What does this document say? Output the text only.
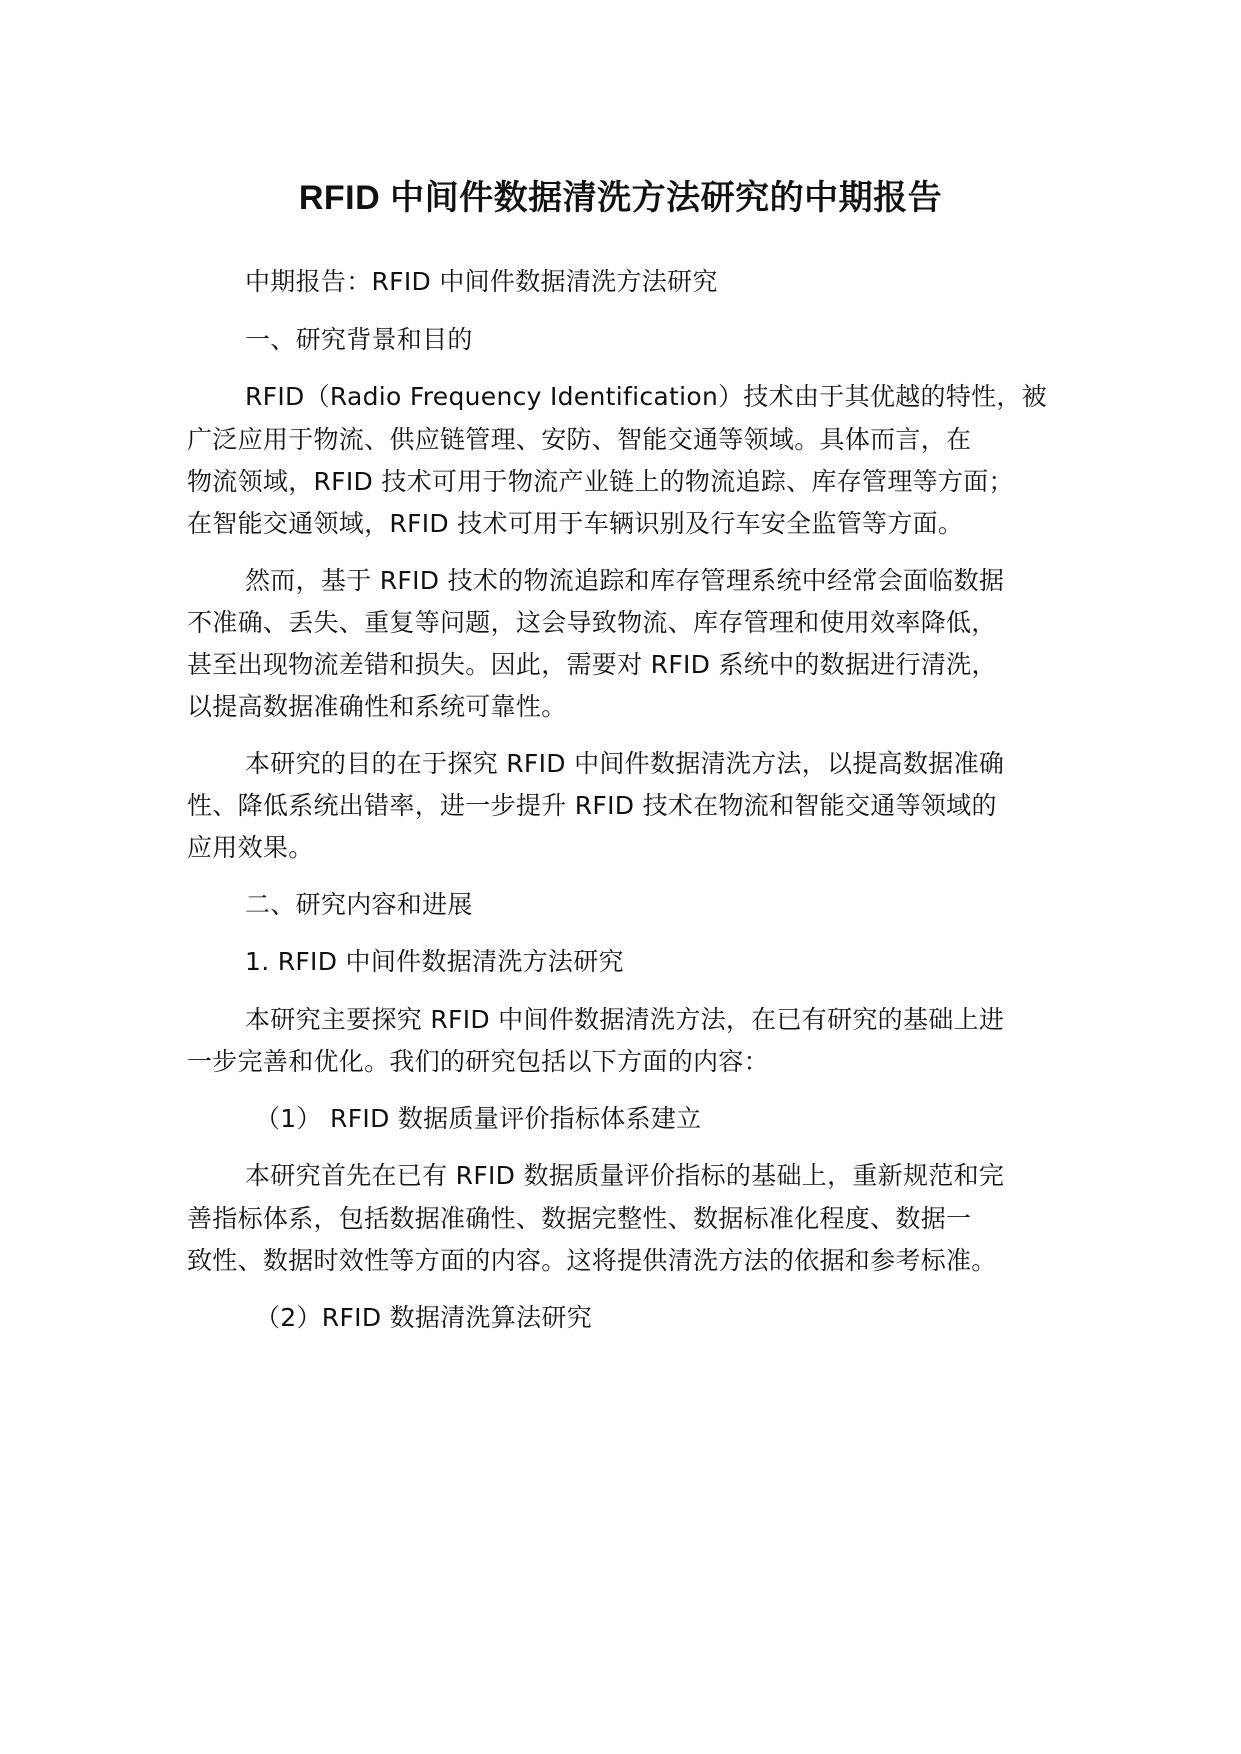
RFID 中间件数据清洗方法研究的中期报告
中期报告：RFID 中间件数据清洗方法研究
一、研究背景和目的
RFID（Radio Frequency Identification）技术由于其优越的特性，被
广泛应用于物流、供应链管理、安防、智能交通等领域。具体而言，在
物流领域，RFID 技术可用于物流产业链上的物流追踪、库存管理等方面；
在智能交通领域，RFID 技术可用于车辆识别及行车安全监管等方面。
然而，基于 RFID 技术的物流追踪和库存管理系统中经常会面临数据
不准确、丢失、重复等问题，这会导致物流、库存管理和使用效率降低，
甚至出现物流差错和损失。因此，需要对 RFID 系统中的数据进行清洗，
以提高数据准确性和系统可靠性。
本研究的目的在于探究 RFID 中间件数据清洗方法，以提高数据准确
性、降低系统出错率，进一步提升 RFID 技术在物流和智能交通等领域的
应用效果。
二、研究内容和进展
1. RFID 中间件数据清洗方法研究
本研究主要探究 RFID 中间件数据清洗方法，在已有研究的基础上进
一步完善和优化。我们的研究包括以下方面的内容：
（1） RFID 数据质量评价指标体系建立
本研究首先在已有 RFID 数据质量评价指标的基础上，重新规范和完
善指标体系，包括数据准确性、数据完整性、数据标准化程度、数据一
致性、数据时效性等方面的内容。这将提供清洗方法的依据和参考标准。
（2）RFID 数据清洗算法研究
